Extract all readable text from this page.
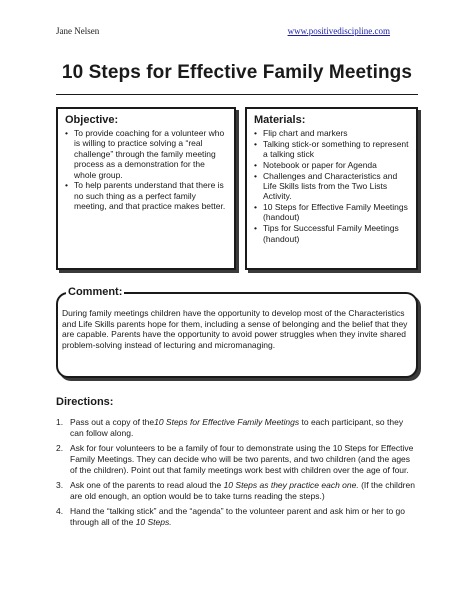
Jane Nelsen	www.positivediscipline.com
10 Steps for Effective Family Meetings
Objective:
• To provide coaching for a volunteer who is willing to practice solving a “real challenge” through the family meeting process as a demonstration for the whole group.
• To help parents understand that there is no such thing as a perfect family meeting, and that practice makes better.
Materials:
• Flip chart and markers
• Talking stick-or something to represent a talking stick
• Notebook or paper for Agenda
• Challenges and Characteristics and Life Skills lists from the Two Lists Activity.
• 10 Steps for Effective Family Meetings (handout)
• Tips for Successful Family Meetings (handout)
Comment:
During family meetings children have the opportunity to develop most of the Characteristics and Life Skills parents hope for them, including a sense of belonging and the belief that they are capable. Parents have the opportunity to avoid power struggles when they invite shared problem-solving instead of lecturing and micromanaging.
Directions:
1. Pass out a copy of the10 Steps for Effective Family Meetings to each participant, so they can follow along.
2. Ask for four volunteers to be a family of four to demonstrate using the 10 Steps for Effective Family Meetings. They can decide who will be two parents, and two children (and the ages of the children). Point out that family meetings work best with children over the age of four.
3. Ask one of the parents to read aloud the 10 Steps as they practice each one. (If the children are old enough, an option would be to take turns reading the steps.)
4. Hand the “talking stick” and the “agenda” to the volunteer parent and ask him or her to go through all of the 10 Steps.
